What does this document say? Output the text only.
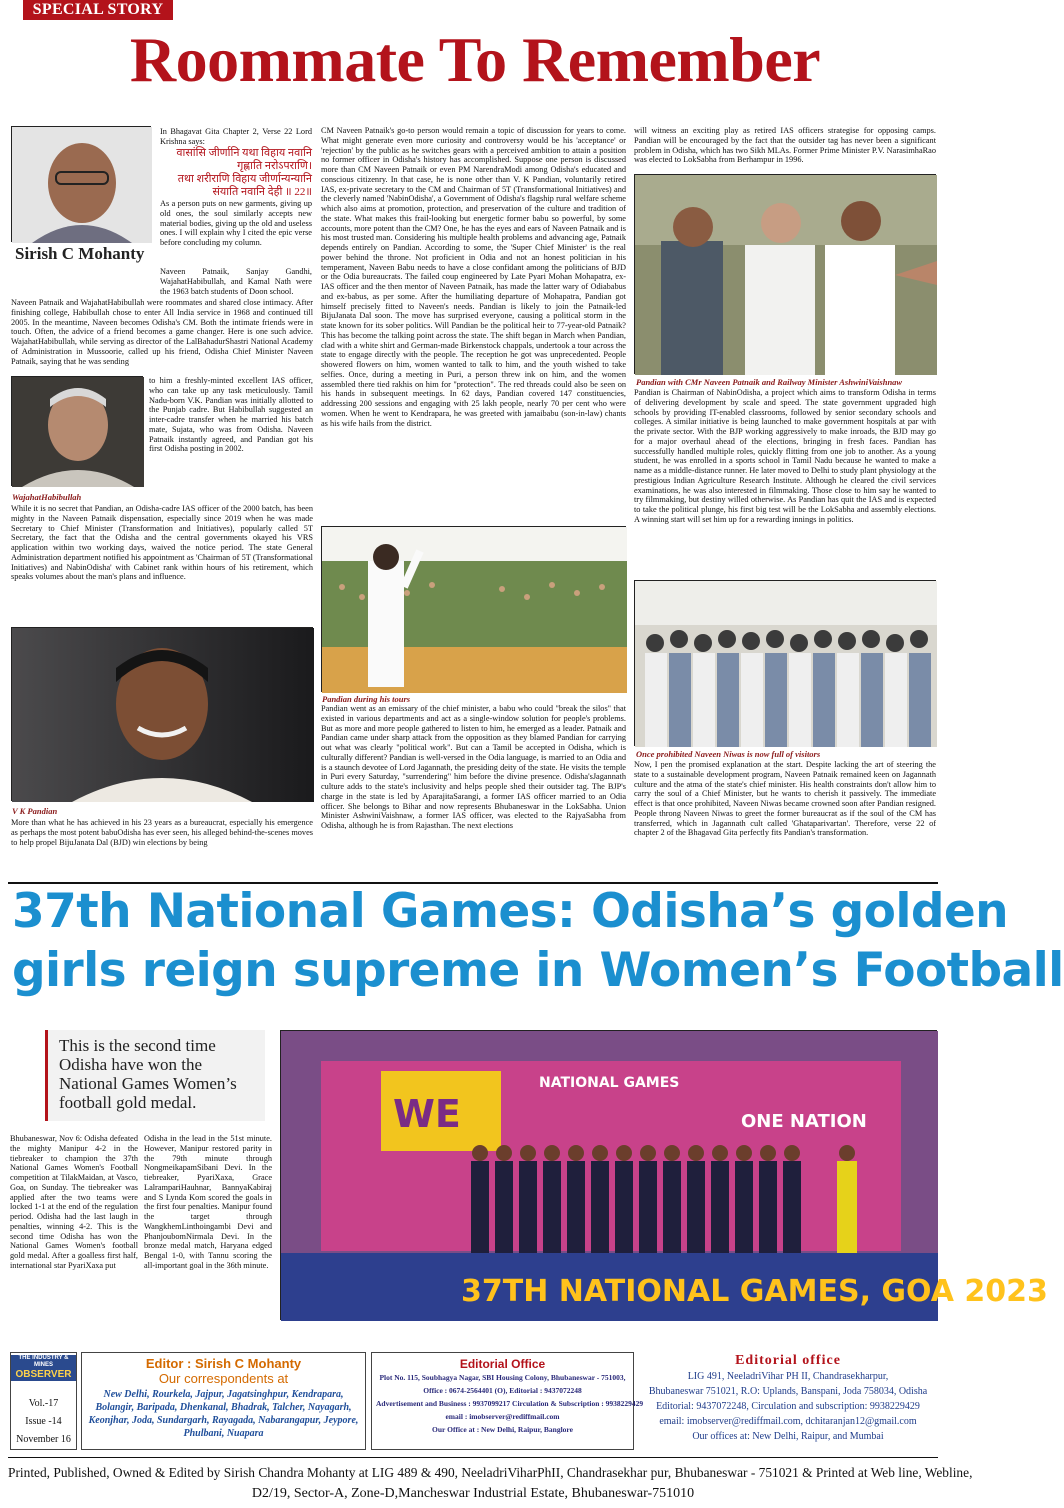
SPECIAL STORY
Roommate To Remember
Sirish C Mohanty

In Bhagavat Gita Chapter 2, Verse 22 Lord Krishna says:

वासांसि जीर्णानि यथा विहाय नवानि
गृह्णाति नरोऽपराणि।
तथा शरीराणि विहाय जीर्णान्यन्यानि
संयाति नवानि देही ॥ 22॥

As a person puts on new garments, giving up old ones, the soul similarly accepts new material bodies, giving up the old and useless ones. I will explain why I cited the epic verse before concluding my column.

Naveen Patnaik, Sanjay Gandhi, WajahatHabibullah, and Kamal Nath were the 1963 batch students of Doon school.

Naveen Patnaik and WajahatHabibullah were roommates and shared close intimacy. After finishing college, Habibullah chose to enter All India service in 1968 and continued till 2005. In the meantime, Naveen becomes Odisha's CM. Both the intimate friends were in touch. Often, the advice of a friend becomes a game changer. Here is one such advice. WajahatHabibullah, while serving as director of the LalBahadurShastri National Academy of Administration in Mussoorie, called up his friend, Odisha Chief Minister Naveen Patnaik, saying that he was sending

to him a freshly-minted excellent IAS officer, who can take up any task meticulously. Tamil Nadu-born V.K. Pandian was initially allotted to the Punjab cadre. But Habibullah suggested an inter-cadre transfer when he married his batch mate, Sujata, who was from Odisha. Naveen Patnaik instantly agreed, and Pandian got his first Odisha posting in 2002.

WajahatHabibullah

While it is no secret that Pandian, an Odisha-cadre IAS officer of the 2000 batch, has been mighty in the Naveen Patnaik dispensation, especially since 2019 when he was made Secretary to Chief Minister (Transformation and Initiatives), popularly called 5T Secretary, the fact that the Odisha and the central governments okayed his VRS application within two working days, waived the notice period. The state General Administration department notified his appointment as 'Chairman of 5T (Transformational Initiatives) and NabinOdisha' with Cabinet rank within hours of his retirement, which speaks volumes about the man's plans and influence.

V K Pandian

More than what he has achieved in his 23 years as a bureaucrat, especially his emergence as perhaps the most potent babuOdisha has ever seen, his alleged behind-the-scenes moves to help propel BijuJanata Dal (BJD) win elections by being

CM Naveen Patnaik's go-to person would remain a topic of discussion for years to come. What might generate even more curiosity and controversy would be his 'acceptance' or 'rejection' by the public as he switches gears with a perceived ambition to attain a position no former officer in Odisha's history has accomplished. Suppose one person is discussed more than CM Naveen Patnaik or even PM NarendraModi among Odisha's educated and conscious citizenry. In that case, he is none other than V. K Pandian, voluntarily retired IAS, ex-private secretary to the CM and Chairman of 5T (Transformational Initiatives) and the cleverly named 'NabinOdisha', a Government of Odisha's flagship rural welfare scheme which also aims at promotion, protection, and preservation of the culture and tradition of the state. What makes this frail-looking but energetic former babu so powerful, by some accounts, more potent than the CM? One, he has the eyes and ears of Naveen Patnaik and is his most trusted man. Considering his multiple health problems and advancing age, Patnaik depends entirely on Pandian. According to some, the 'Super Chief Minister' is the real power behind the throne. Not proficient in Odia and not an honest politician in his temperament, Naveen Babu needs to have a close confidant among the politicians of BJD or the Odia bureaucrats. The failed coup engineered by Late Pyari Mohan Mohapatra, ex-IAS officer and the then mentor of Naveen Patnaik, has made the latter wary of Odiababus and ex-babus, as per some. After the humiliating departure of Mohapatra, Pandian got himself precisely fitted to Naveen's needs. Pandian is likely to join the Patnaik-led BijuJanata Dal soon. The move has surprised everyone, causing a political storm in the state known for its sober politics. Will Pandian be the political heir to 77-year-old Patnaik? This has become the talking point across the state. The shift began in March when Pandian, clad with a white shirt and German-made Birkenstock chappals, undertook a tour across the state to engage directly with the people. The reception he got was unprecedented. People showered flowers on him, women wanted to talk to him, and the youth wished to take selfies. Once, during a meeting in Puri, a person threw ink on him, and the women assembled there tied rakhis on him for "protection". The red threads could also be seen on his hands in subsequent meetings. In 62 days, Pandian covered 147 constituencies, addressing 200 sessions and engaging with 25 lakh people, nearly 70 per cent who were women. When he went to Kendrapara, he was greeted with jamaibabu (son-in-law) chants as his wife hails from the district.

Pandian during his tours

Pandian went as an emissary of the chief minister, a babu who could "break the silos" that existed in various departments and act as a single-window solution for people's problems. But as more and more people gathered to listen to him, he emerged as a leader. Patnaik and Pandian came under sharp attack from the opposition as they blamed Pandian for carrying out what was clearly "political work". But can a Tamil be accepted in Odisha, which is culturally different? Pandian is well-versed in the Odia language, is married to an Odia and is a staunch devotee of Lord Jagannath, the presiding deity of the state. He visits the temple in Puri every Saturday, "surrendering" him before the divine presence. Odisha'sJagannath culture adds to the state's inclusivity and helps people shed their outsider tag. The BJP's charge in the state is led by AparajitaSarangi, a former IAS officer married to an Odia officer. She belongs to Bihar and now represents Bhubaneswar in the LokSabha. Union Minister AshwiniVaishnaw, a former IAS officer, was elected to the RajyaSabha from Odisha, although he is from Rajasthan. The next elections

will witness an exciting play as retired IAS officers strategise for opposing camps. Pandian will be encouraged by the fact that the outsider tag has never been a significant problem in Odisha, which has two Sikh MLAs. Former Prime Minister P.V. NarasimhaRao was elected to LokSabha from Berhampur in 1996.

Pandian with CMr Naveen Patnaik and Railway Minister AshwiniVaishnaw

Pandian is Chairman of NabinOdisha, a project which aims to transform Odisha in terms of delivering development by scale and speed. The state government upgraded high schools by providing IT-enabled classrooms, followed by senior secondary schools and colleges. A similar initiative is being launched to make government hospitals at par with the private sector. With the BJP working aggressively to make inroads, the BJD may go for a major overhaul ahead of the elections, bringing in fresh faces. Pandian has successfully handled multiple roles, quickly flitting from one job to another. As a young student, he was enrolled in a sports school in Tamil Nadu because he wanted to make a name as a middle-distance runner. He later moved to Delhi to study plant physiology at the prestigious Indian Agriculture Research Institute. Although he cleared the civil services examinations, he was also interested in filmmaking. Those close to him say he wanted to try filmmaking, but destiny willed otherwise. As Pandian has quit the IAS and is expected to take the political plunge, his first big test will be the LokSabha and assembly elections. A winning start will set him up for a rewarding innings in politics.

Once prohibited Naveen Niwas is now full of visitors

Now, I pen the promised explanation at the start. Despite lacking the art of steering the state to a sustainable development program, Naveen Patnaik remained keen on Jagannath culture and the atma of the state's chief minister. His health constraints don't allow him to carry the soul of a Chief Minister, but he wants to cherish it passively. The immediate effect is that once prohibited, Naveen Niwas became crowned soon after Pandian resigned. People throng Naveen Niwas to greet the former bureaucrat as if the soul of the CM has transferred, which in Jagannath cult called 'Ghataparivartan'. Therefore, verse 22 of chapter 2 of the Bhagavad Gita perfectly fits Pandian's transformation.

37th National Games: Odisha’s golden
girls reign supreme in Women’s Football
This is the second time Odisha have won the National Games Women’s football gold medal.

Bhubaneswar, Nov 6: Odisha defeated the mighty Manipur 4-2 in the tiebreaker to champion the 37th National Games Women's Football competition at TilakMaidan, at Vasco, Goa, on Sunday. The tiebreaker was applied after the two teams were locked 1-1 at the end of the regulation period. Odisha had the last laugh in penalties, winning 4-2. This is the second time Odisha has won the National Games Women's football gold medal. After a goalless first half, international star PyariXaxa put

Odisha in the lead in the 51st minute. However, Manipur restored parity in the 79th minute through NongmeikapamSibani Devi. In the tiebreaker, PyariXaxa, Grace LalrampariHauhnar, BannyaKabiraj and S Lynda Kom scored the goals in the first four penalties. Manipur found the target through WangkhemLinthoingambi Devi and PhanjoubomNirmala Devi. In the bronze medal match, Haryana edged Bengal 1-0, with Tannu scoring the all-important goal in the 36th minute.

WE
NATIONAL GAMES
ONE NATION
37TH NATIONAL GAMES, GOA 2023
THE INDUSTRY & MINES
OBSERVER
Vol.-17
Issue -14
November 16
Editor : Sirish C Mohanty
Our correspondents at
New Delhi, Rourkela, Jajpur, Jagatsinghpur, Kendrapara, Bolangir, Baripada, Dhenkanal, Bhadrak, Talcher, Nayagarh, Keonjhar, Joda, Sundargarh, Rayagada, Nabarangapur, Jeypore, Phulbani, Nuapara
Editorial Office
Plot No. 115, Soubhagya Nagar, SBI Housing Colony, Bhubaneswar - 751003,
Office : 0674-2564401 (O), Editorial : 9437072248
Advertisement and Business : 9937099217 Circulation & Subscription : 9938229429
email : imobserver@rediffmail.com
Our Office at : New Delhi, Raipur, Banglore
Editorial office
LIG 491, NeeladriVihar PH II, Chandrasekharpur,
Bhubaneswar 751021, R.O: Uplands, Banspani, Joda 758034, Odisha
Editorial: 9437072248, Circulation and subscription: 9938229429
email: imobserver@rediffmail.com, dchitaranjan12@gmail.com
Our offices at: New Delhi, Raipur, and Mumbai
Printed, Published, Owned & Edited by Sirish Chandra Mohanty at LIG 489 & 490, NeeladriViharPhII, Chandrasekhar pur, Bhubaneswar - 751021 & Printed at Web line, Webline,
D2/19, Sector-A, Zone-D,Mancheswar Industrial Estate, Bhubaneswar-751010
